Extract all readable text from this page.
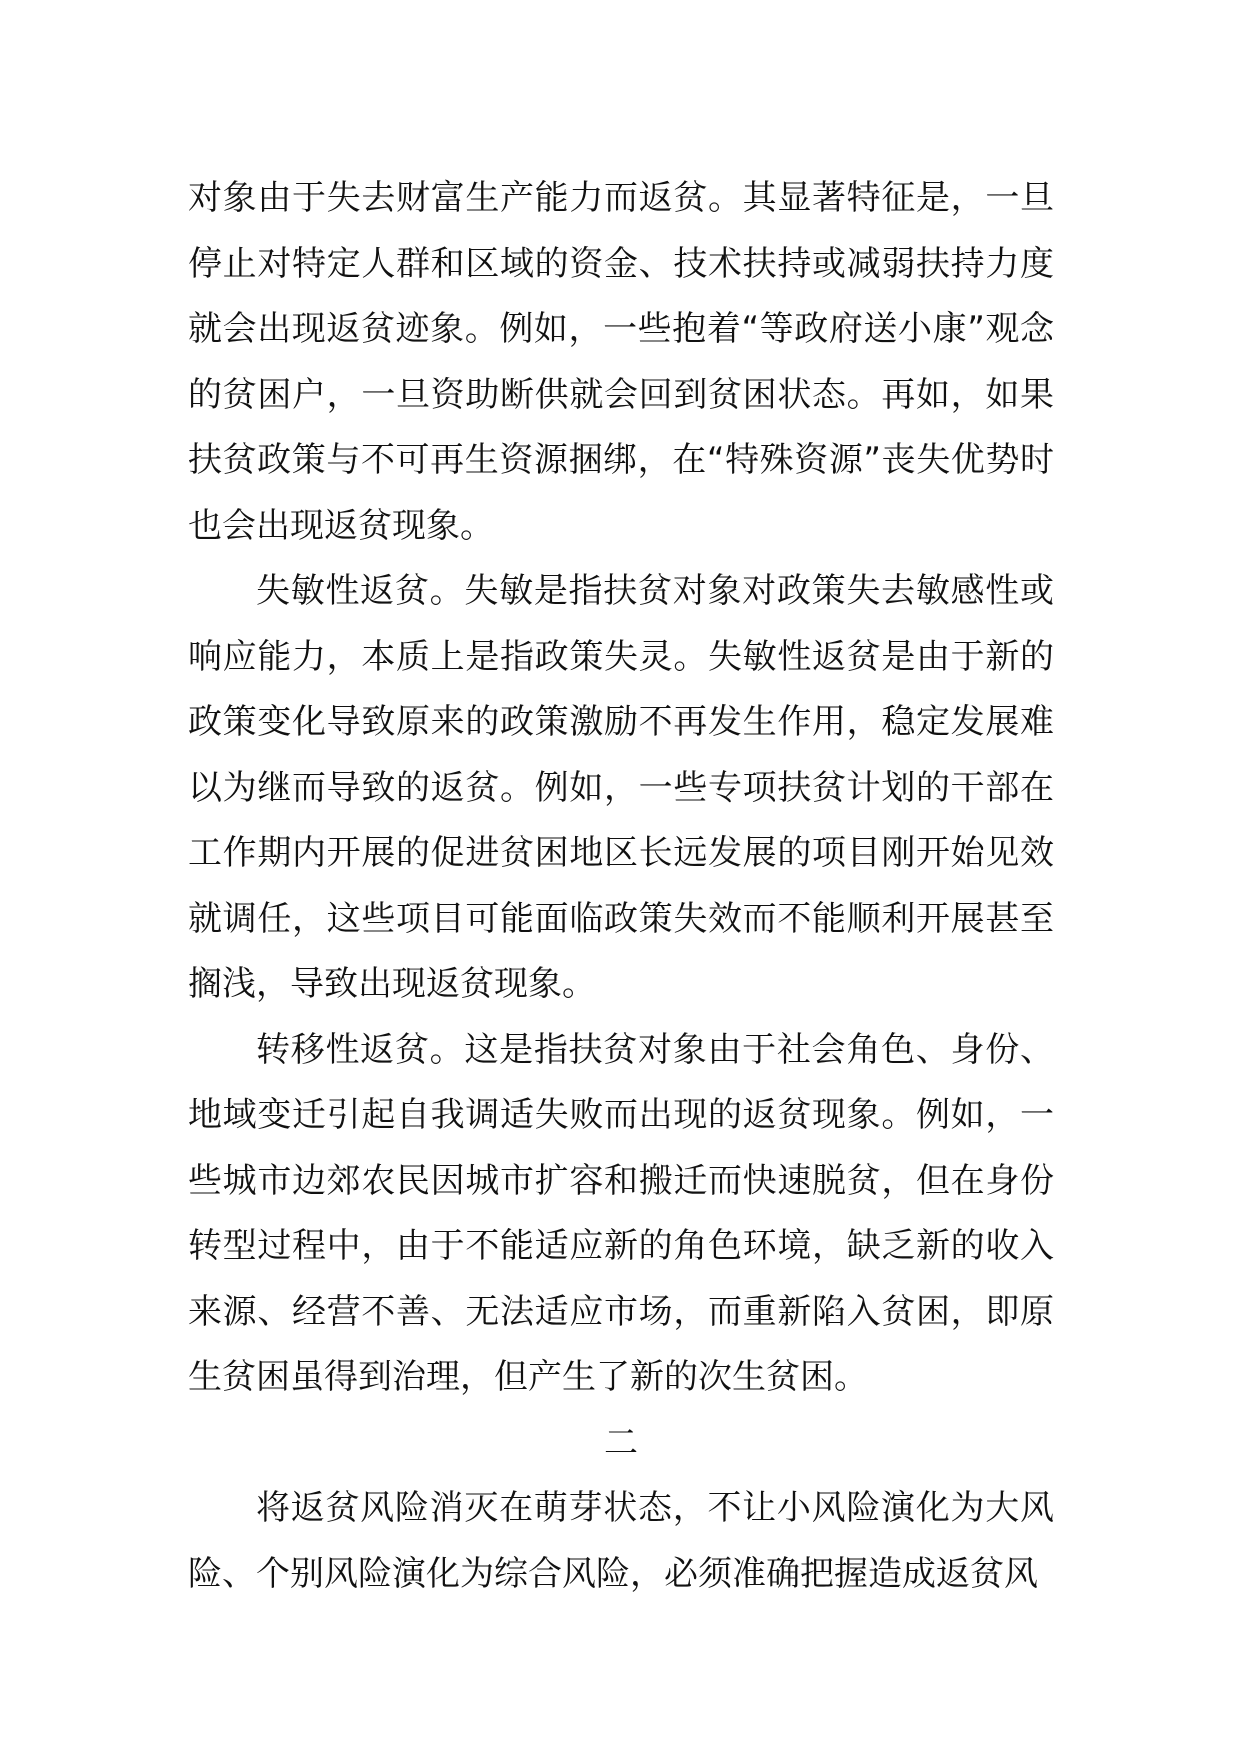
对象由于失去财富生产能力而返贫。其显著特征是，一旦停止对特定人群和区域的资金、技术扶持或减弱扶持力度就会出现返贫迹象。例如，一些抱着“等政府送小康”观念的贫困户，一旦资助断供就会回到贫困状态。再如，如果扶贫政策与不可再生资源捆绑，在“特殊资源”丧失优势时也会出现返贫现象。

失敏性返贫。失敏是指扶贫对象对政策失去敏感性或响应能力，本质上是指政策失灵。失敏性返贫是由于新的政策变化导致原来的政策激励不再发生作用，稳定发展难以为继而导致的返贫。例如，一些专项扶贫计划的干部在工作期内开展的促进贫困地区长远发展的项目刚开始见效就调任，这些项目可能面临政策失效而不能顺利开展甚至搁浅，导致出现返贫现象。

转移性返贫。这是指扶贫对象由于社会角色、身份、地域变迁引起自我调适失败而出现的返贫现象。例如，一些城市边郊农民因城市扩容和搬迁而快速脱贫，但在身份转型过程中，由于不能适应新的角色环境，缺乏新的收入来源、经营不善、无法适应市场，而重新陷入贫困，即原生贫困虽得到治理，但产生了新的次生贫困。

二

将返贫风险消灭在萌芽状态，不让小风险演化为大风险、个别风险演化为综合风险，必须准确把握造成返贫风
